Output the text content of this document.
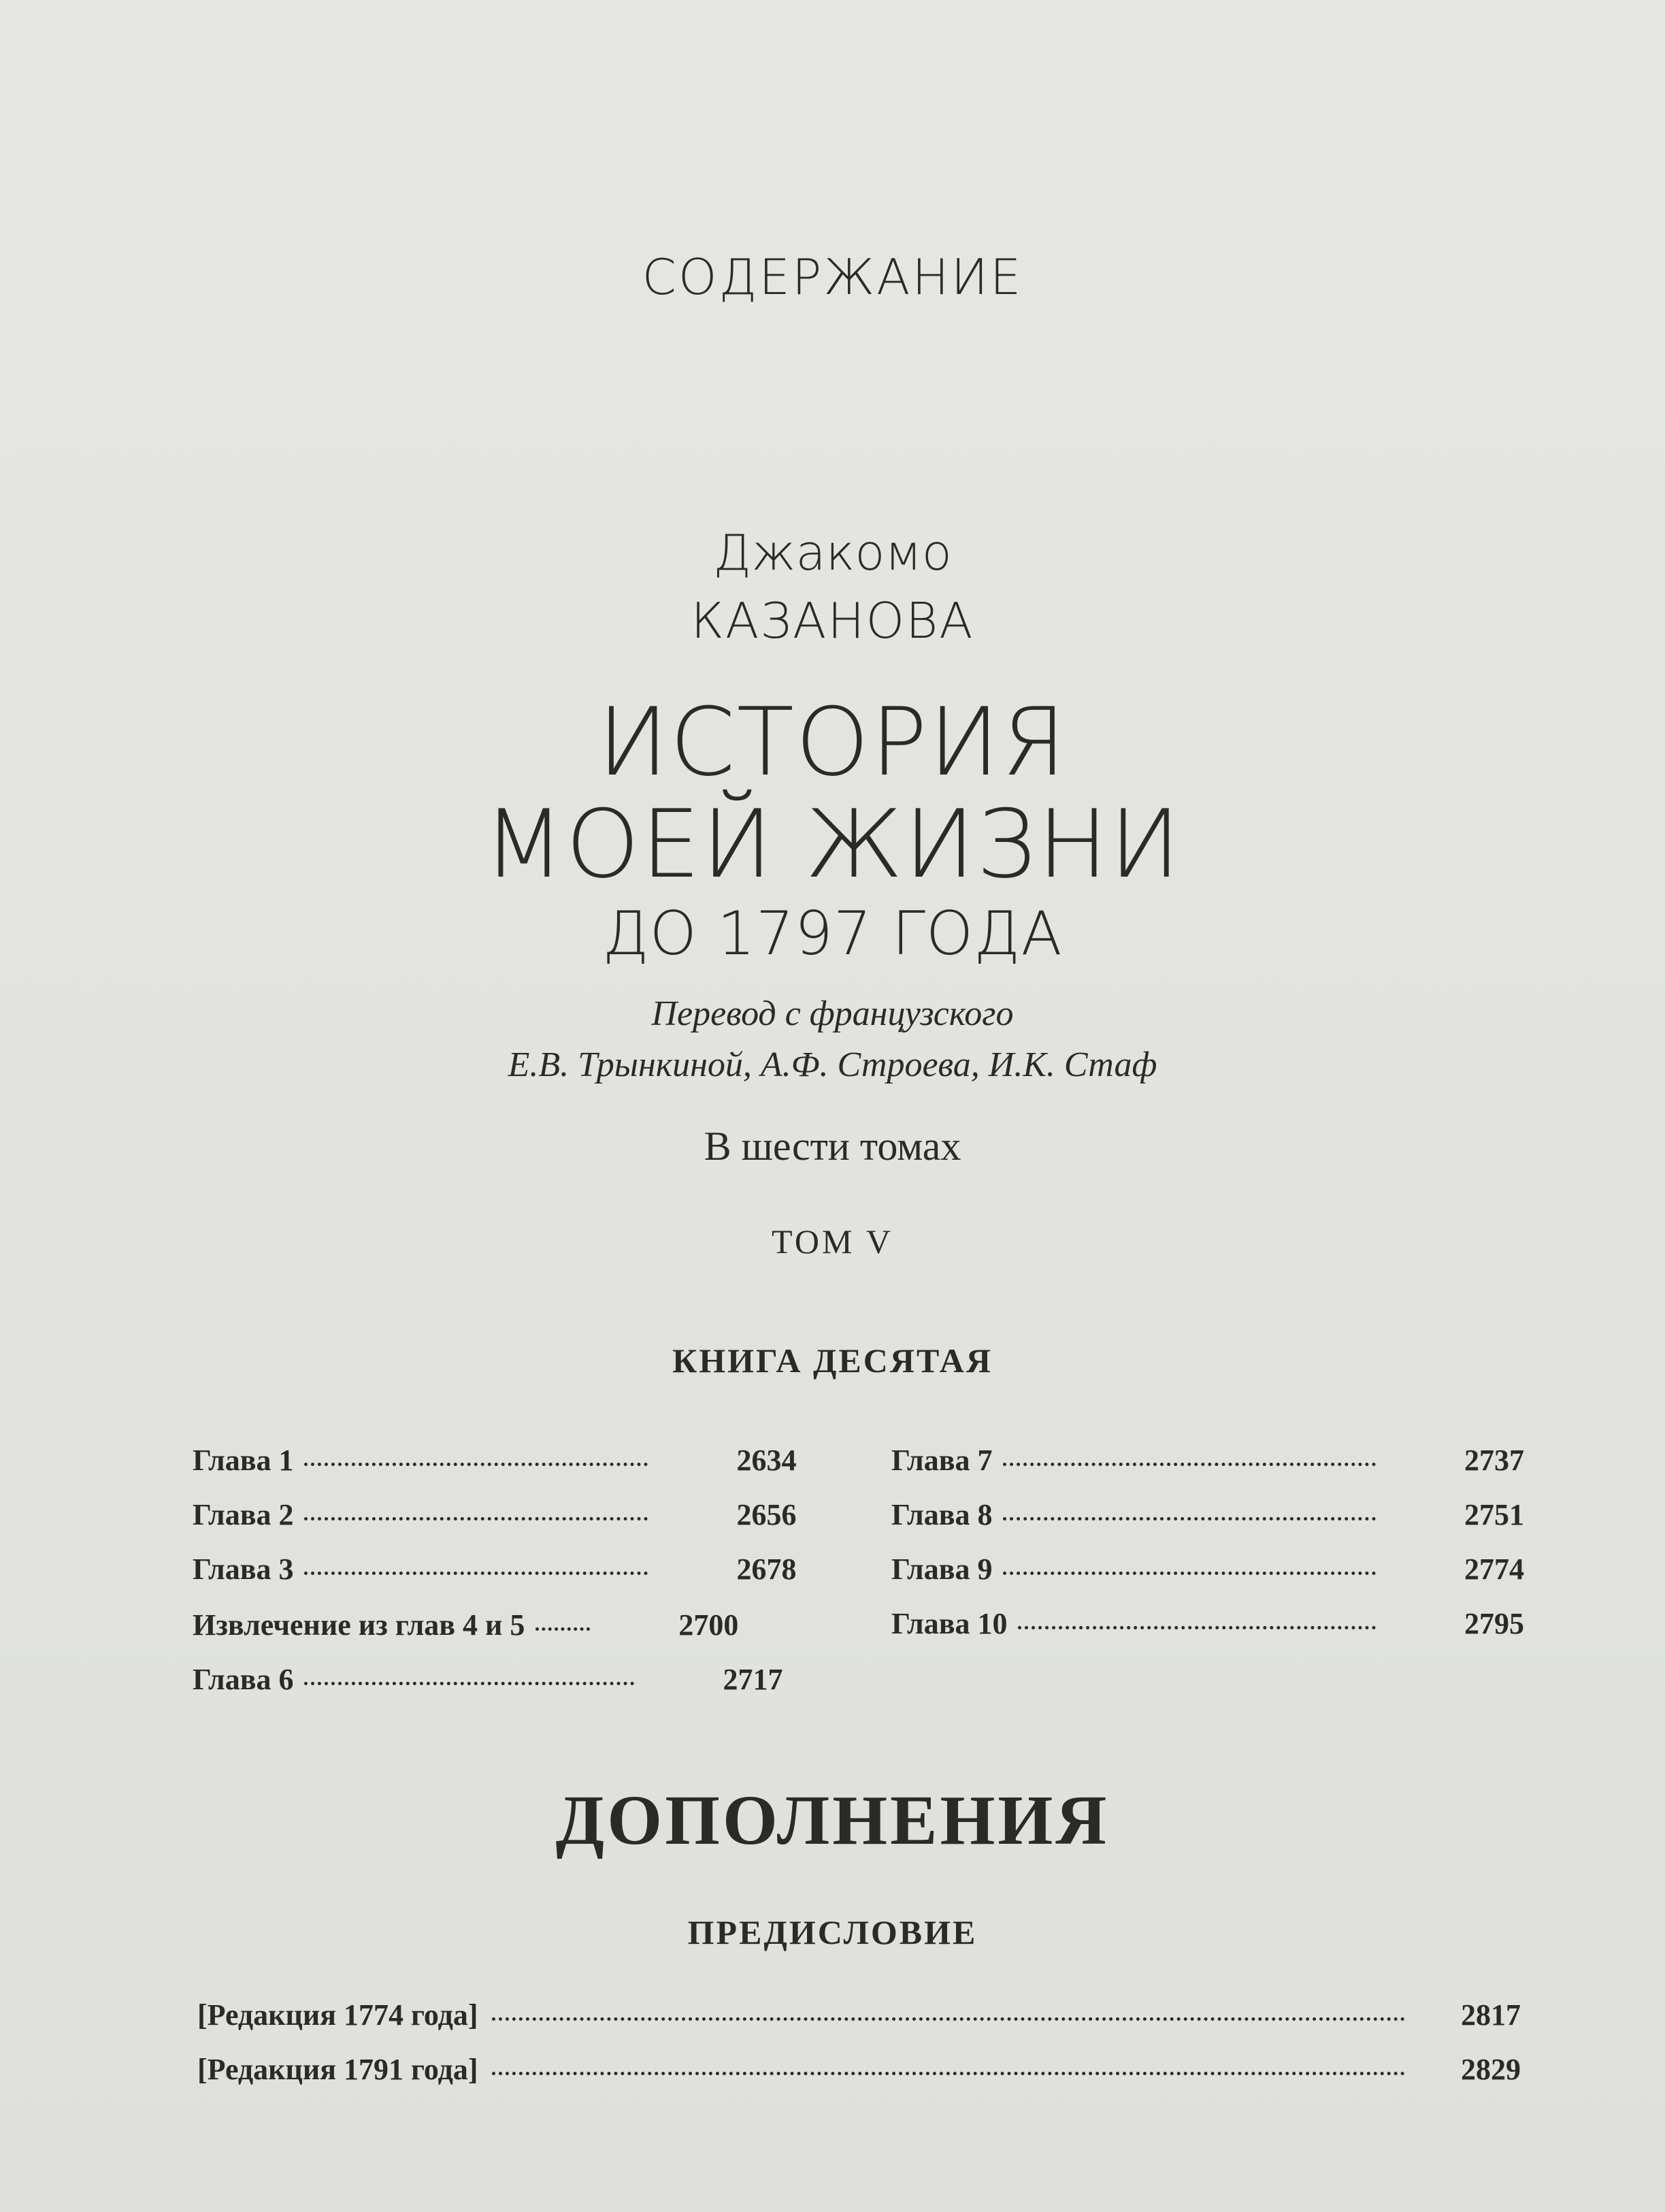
СОДЕРЖАНИЕ
Джакомо
КАЗАНОВА
ИСТОРИЯ
МОЕЙ ЖИЗНИ
ДО 1797 ГОДА
Перевод с французского
Е.В. Трынкиной, А.Ф. Строева, И.К. Стаф
В шести томах
ТОМ V
КНИГА ДЕСЯТАЯ
Глава 1	2634
Глава 2	2656
Глава 3	2678
Извлечение из глав 4 и 5	2700
Глава 6	2717
Глава 7	2737
Глава 8	2751
Глава 9	2774
Глава 10	2795
ДОПОЛНЕНИЯ
ПРЕДИСЛОВИЕ
[Редакция 1774 года]	2817
[Редакция 1791 года]	2829
